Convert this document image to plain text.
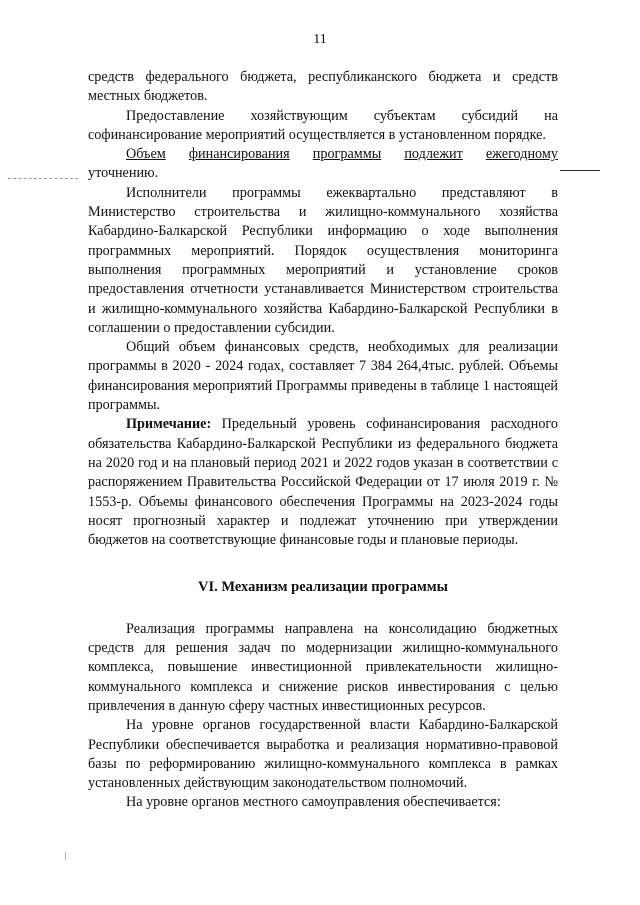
11

средств федерального бюджета, республиканского бюджета и средств местных бюджетов.

Предоставление хозяйствующим субъектам субсидий на софинансирование мероприятий осуществляется в установленном порядке.

Объем финансирования программы подлежит ежегодному

уточнению.

Исполнители программы ежеквартально представляют в Министерство строительства и жилищно-коммунального хозяйства Кабардино-Балкарской Республики информацию о ходе выполнения программных мероприятий. Порядок осуществления мониторинга выполнения программных мероприятий и установление сроков предоставления отчетности устанавливается Министерством строительства и жилищно-коммунального хозяйства Кабардино-Балкарской Республики в соглашении о предоставлении субсидии.

Общий объем финансовых средств, необходимых для реализации программы в 2020 - 2024 годах, составляет 7 384 264,4тыс. рублей. Объемы финансирования мероприятий Программы приведены в таблице 1 настоящей программы.

Примечание: Предельный уровень софинансирования расходного обязательства Кабардино-Балкарской Республики из федерального бюджета на 2020 год и на плановый период 2021 и 2022 годов указан в соответствии с распоряжением Правительства Российской Федерации от 17 июля 2019 г. № 1553-р. Объемы финансового обеспечения Программы на 2023-2024 годы носят прогнозный характер и подлежат уточнению при утверждении бюджетов на соответствующие финансовые годы и плановые периоды.

VI. Механизм реализации программы

Реализация программы направлена на консолидацию бюджетных средств для решения задач по модернизации жилищно-коммунального комплекса, повышение инвестиционной привлекательности жилищно-коммунального комплекса и снижение рисков инвестирования с целью привлечения в данную сферу частных инвестиционных ресурсов.

На уровне органов государственной власти Кабардино-Балкарской Республики обеспечивается выработка и реализация нормативно-правовой базы по реформированию жилищно-коммунального комплекса в рамках установленных действующим законодательством полномочий.

На уровне органов местного самоуправления обеспечивается:
